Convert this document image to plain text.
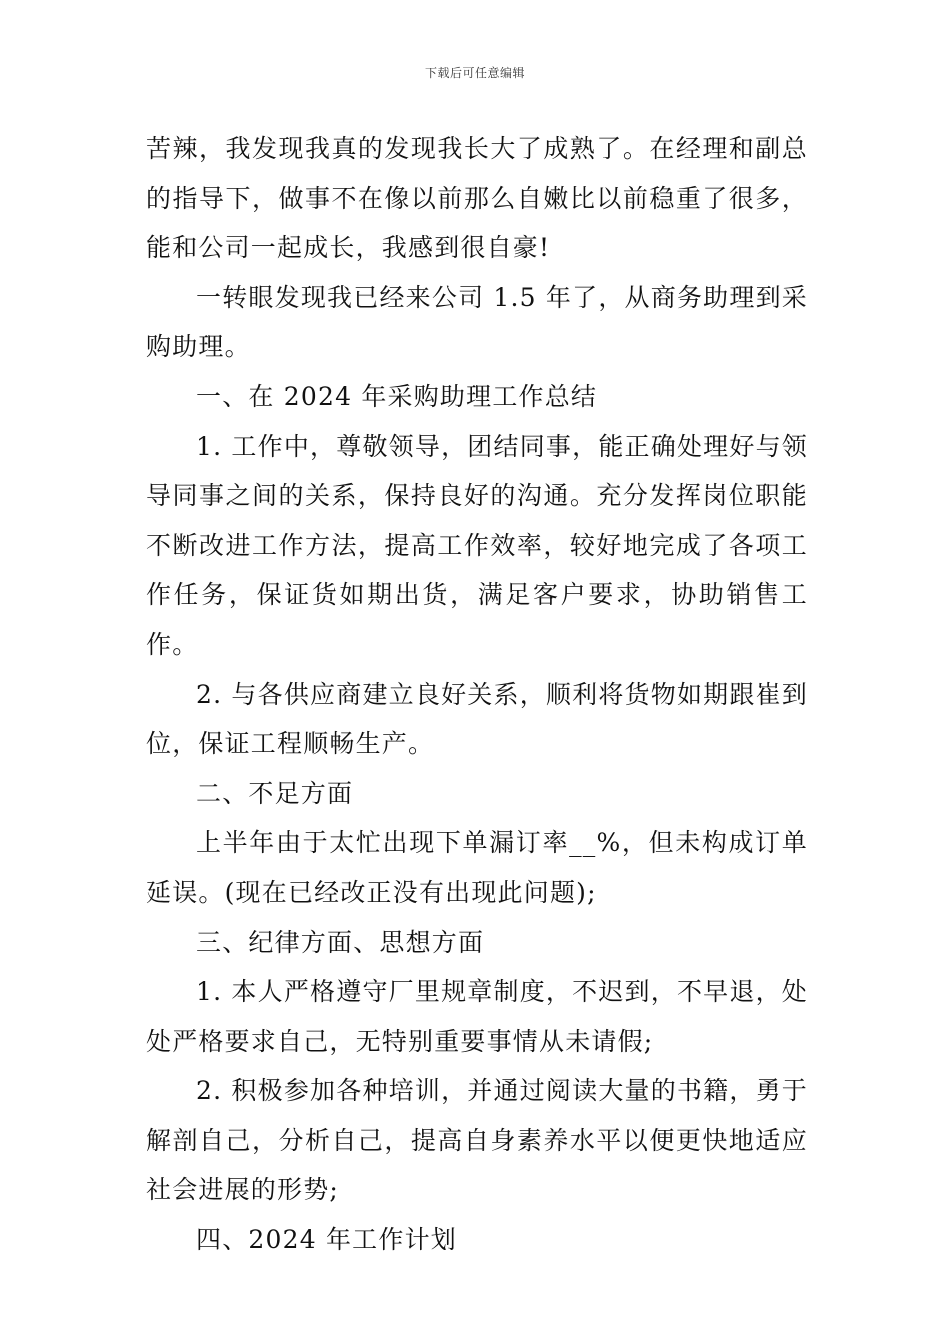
下载后可任意编辑

苦辣，我发现我真的发现我长大了成熟了。在经理和副总的指导下，做事不在像以前那么自嫩比以前稳重了很多，能和公司一起成长，我感到很自豪!

一转眼发现我已经来公司 1.5 年了，从商务助理到采购助理。

一、在 2024 年采购助理工作总结

1. 工作中，尊敬领导，团结同事，能正确处理好与领导同事之间的关系，保持良好的沟通。充分发挥岗位职能不断改进工作方法，提高工作效率，较好地完成了各项工作任务，保证货如期出货，满足客户要求，协助销售工作。

2. 与各供应商建立良好关系，顺利将货物如期跟崔到位，保证工程顺畅生产。

二、不足方面

上半年由于太忙出现下单漏订率__%，但未构成订单延误。(现在已经改正没有出现此问题);

三、纪律方面、思想方面

1. 本人严格遵守厂里规章制度，不迟到，不早退，处处严格要求自己，无特别重要事情从未请假;

2. 积极参加各种培训，并通过阅读大量的书籍，勇于解剖自己，分析自己，提高自身素养水平以便更快地适应社会进展的形势;

四、2024 年工作计划
